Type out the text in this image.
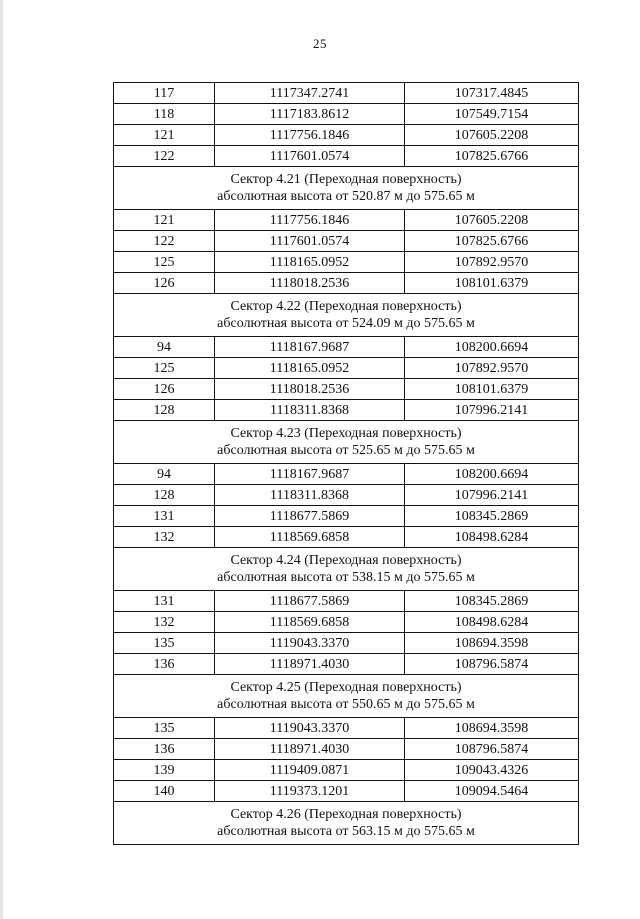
25
117	1117347.2741	107317.4845
118	1117183.8612	107549.7154
121	1117756.1846	107605.2208
122	1117601.0574	107825.6766

Сектор 4.21 (Переходная поверхность)
абсолютная высота от 520.87 м до 575.65 м		

121	1117756.1846	107605.2208
122	1117601.0574	107825.6766
125	1118165.0952	107892.9570
126	1118018.2536	108101.6379

Сектор 4.22 (Переходная поверхность)
абсолютная высота от 524.09 м до 575.65 м		

94	1118167.9687	108200.6694
125	1118165.0952	107892.9570
126	1118018.2536	108101.6379
128	1118311.8368	107996.2141

Сектор 4.23 (Переходная поверхность)
абсолютная высота от 525.65 м до 575.65 м		

94	1118167.9687	108200.6694
128	1118311.8368	107996.2141
131	1118677.5869	108345.2869
132	1118569.6858	108498.6284

Сектор 4.24 (Переходная поверхность)
абсолютная высота от 538.15 м до 575.65 м		

131	1118677.5869	108345.2869
132	1118569.6858	108498.6284
135	1119043.3370	108694.3598
136	1118971.4030	108796.5874

Сектор 4.25 (Переходная поверхность)
абсолютная высота от 550.65 м до 575.65 м		

135	1119043.3370	108694.3598
136	1118971.4030	108796.5874
139	1119409.0871	109043.4326
140	1119373.1201	109094.5464

Сектор 4.26 (Переходная поверхность)
абсолютная высота от 563.15 м до 575.65 м		
